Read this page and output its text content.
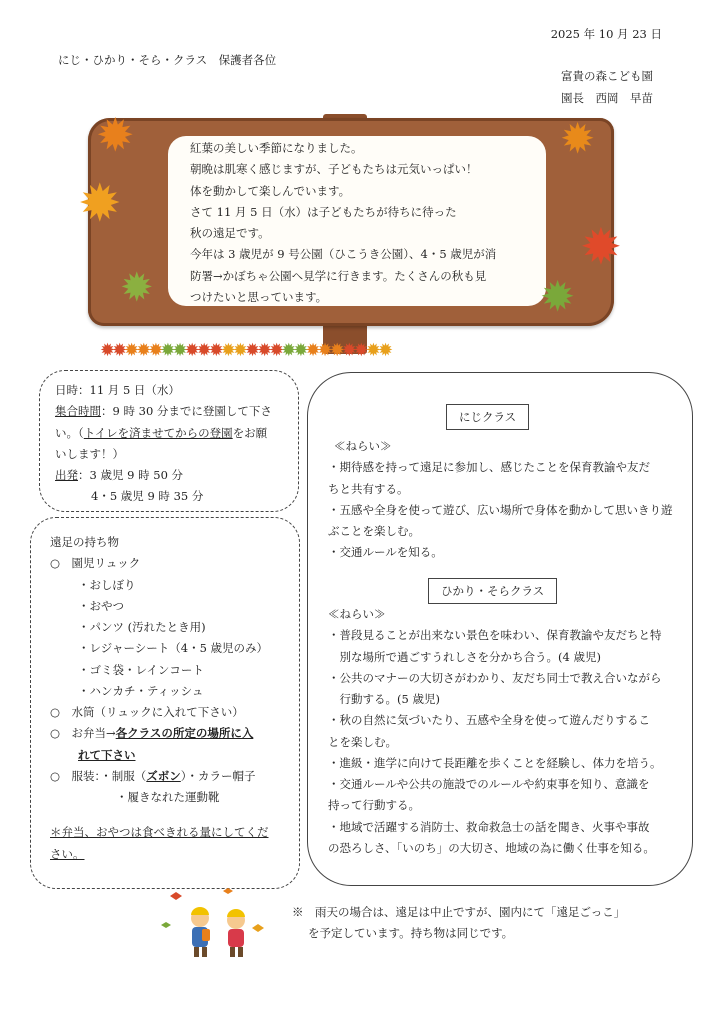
2025 年 10 月 23 日
にじ・ひかり・そら・クラス　保護者各位
富貴の森こども園
園長　西岡　早苗
✹
✹
✹
✹
✹
✹
紅葉の美しい季節になりました。
朝晩は肌寒く感じますが、子どもたちは元気いっぱい！
体を動かして楽しんでいます。
さて 11 月 5 日（水）は子どもたちが待ちに待った
秋の遠足です。
今年は 3 歳児が 9 号公園（ひこうき公園）、4・5 歳児が消
防署→かぼちゃ公園へ見学に行きます。たくさんの秋も見
つけたいと思っています。
✹✹✹✹✹✹✹✹✹✹✹✹✹✹✹✹✹✹✹✹✹✹✹✹
日時：11 月 5 日（水）
集合時間：9 時 30 分までに登園して下さ
い。（トイレを済ませてからの登園をお願
いします！）
出発：3 歳児 9 時 50 分
4・5 歳児 9 時 35 分
遠足の持ち物
○　園児リュック
・おしぼり
・おやつ
・パンツ (汚れたとき用)
・レジャーシート（4・5 歳児のみ）
・ゴミ袋・レインコート
・ハンカチ・ティッシュ
○　水筒（リュックに入れて下さい）
○　お弁当→各クラスの所定の場所に入
れて下さい
○　服装：・制服（ズボン）・カラー帽子
・履きなれた運動靴
＊弁当、おやつは食べきれる量にしてくだ
さい。
にじクラス
≪ねらい≫
・期待感を持って遠足に参加し、感じたことを保育教諭や友だ
ちと共有する。
・五感や全身を使って遊び、広い場所で身体を動かして思いきり遊
ぶことを楽しむ。
・交通ルールを知る。
ひかり・そらクラス
≪ねらい≫
・普段見ることが出来ない景色を味わい、保育教諭や友だちと特
　別な場所で過ごすうれしさを分かち合う。(4 歳児)
・公共のマナーの大切さがわかり、友だち同士で教え合いながら
　行動する。(5 歳児)
・秋の自然に気づいたり、五感や全身を使って遊んだりするこ
とを楽しむ。
・進級・進学に向けて長距離を歩くことを経験し、体力を培う。
・交通ルールや公共の施設でのルールや約束事を知り、意識を
持って行動する。
・地域で活躍する消防士、救命救急士の話を聞き、火事や事故
の恐ろしさ、「いのち」の大切さ、地域の為に働く仕事を知る。
※　雨天の場合は、遠足は中止ですが、園内にて「遠足ごっこ」
を予定しています。持ち物は同じです。
